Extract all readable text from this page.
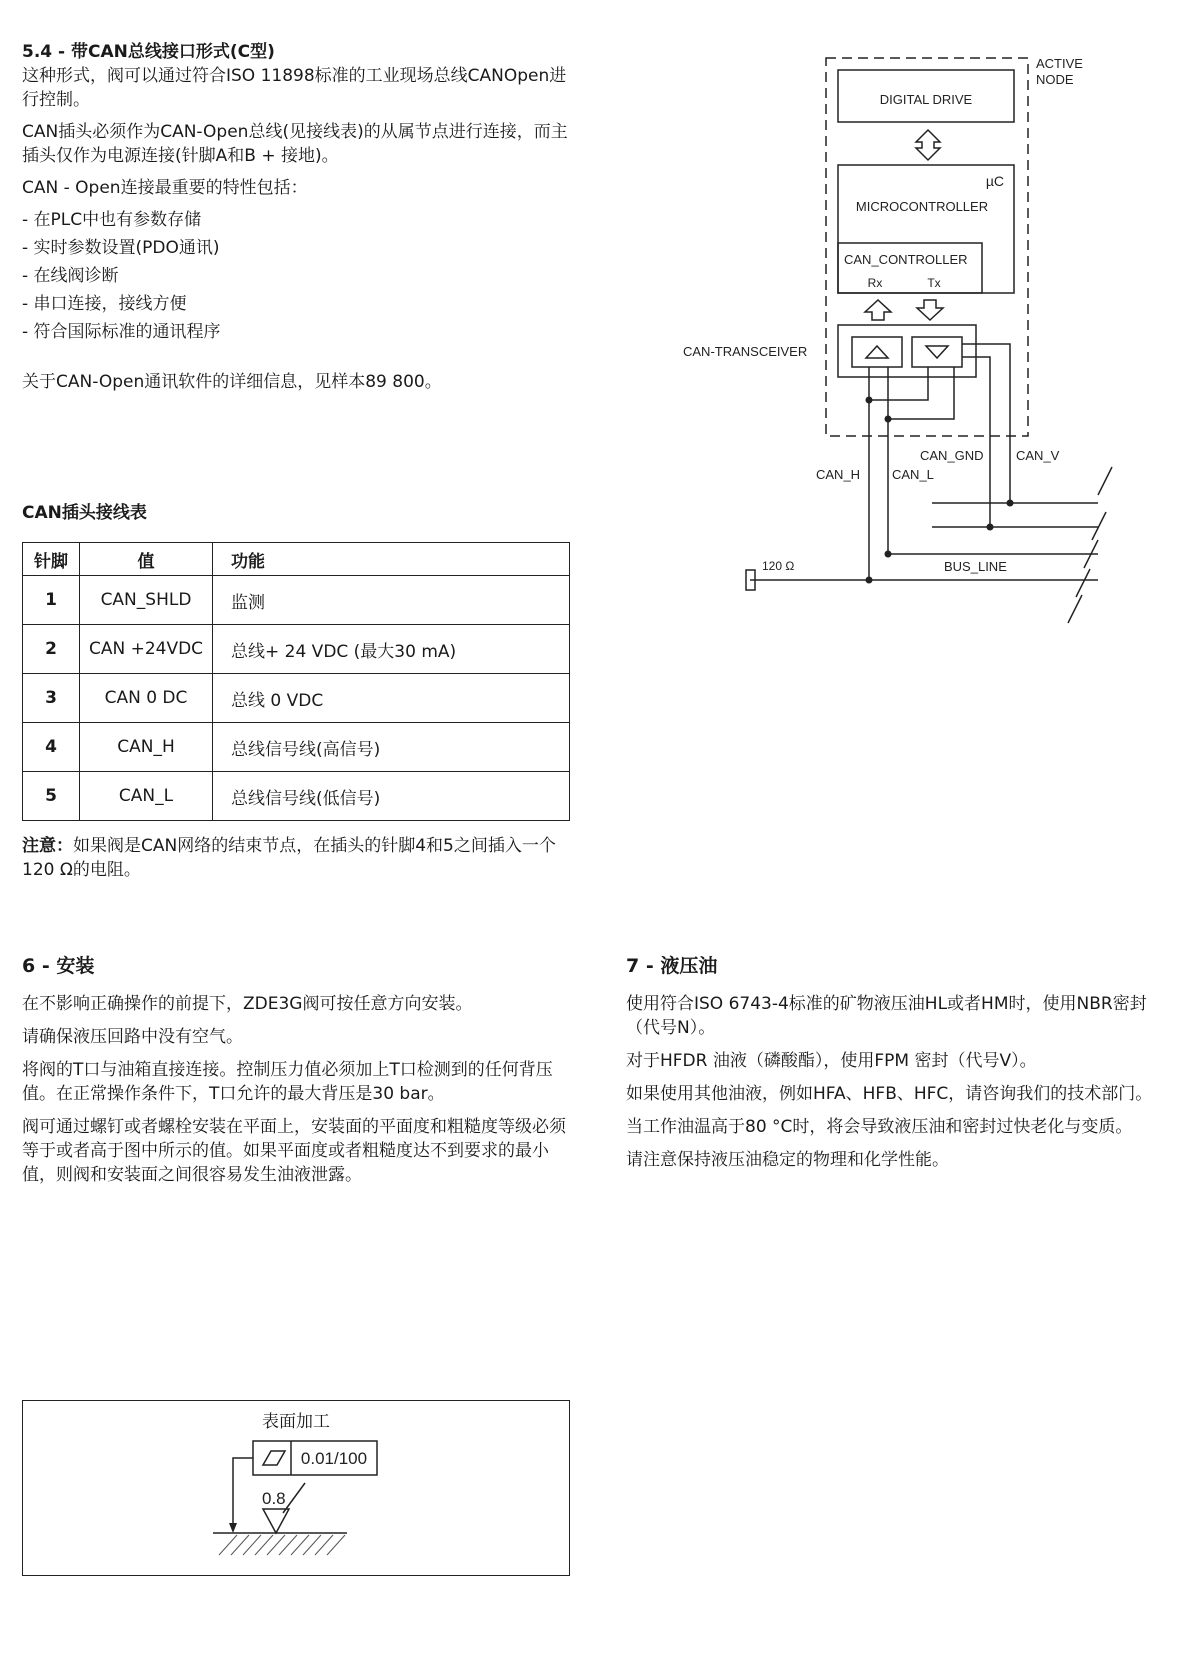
5.4 - 带CAN总线接口形式(C型)

这种形式，阀可以通过符合ISO 11898标准的工业现场总线CANOpen进行控制。

CAN插头必须作为CAN-Open总线(见接线表)的从属节点进行连接，而主插头仅作为电源连接(针脚A和B + 接地)。

CAN - Open连接最重要的特性包括：

- 在PLC中也有参数存储
- 实时参数设置(PDO通讯)
- 在线阀诊断
- 串口连接，接线方便
- 符合国际标准的通讯程序

关于CAN-Open通讯软件的详细信息，见样本89 800。

CAN插头接线表
针脚	值	功能
1	CAN_SHLD	监测
2	CAN +24VDC	总线+ 24 VDC (最大30 mA)
3	CAN 0 DC	总线 0 VDC
4	CAN_H	总线信号线(高信号)
5	CAN_L	总线信号线(低信号)
注意：如果阀是CAN网络的结束节点，在插头的针脚4和5之间插入一个120 Ω的电阻。
ACTIVE
NODE
DIGITAL DRIVE
µC
MICROCONTROLLER
CAN_CONTROLLER
Rx	Tx
CAN-TRANSCEIVER
CAN_GND CAN_V
CAN_H CAN_L
120 Ω	BUS_LINE
6 - 安装

在不影响正确操作的前提下，ZDE3G阀可按任意方向安装。

请确保液压回路中没有空气。

将阀的T口与油箱直接连接。控制压力值必须加上T口检测到的任何背压值。在正常操作条件下，T口允许的最大背压是30 bar。

阀可通过螺钉或者螺栓安装在平面上，安装面的平面度和粗糙度等级必须等于或者高于图中所示的值。如果平面度或者粗糙度达不到要求的最小值，则阀和安装面之间很容易发生油液泄露。

7 - 液压油

使用符合ISO 6743-4标准的矿物液压油HL或者HM时，使用NBR密封（代号N）。

对于HFDR 油液（磷酸酯），使用FPM 密封（代号V）。

如果使用其他油液，例如HFA、HFB、HFC，请咨询我们的技术部门。

当工作油温高于80 °C时，将会导致液压油和密封过快老化与变质。

请注意保持液压油稳定的物理和化学性能。

表面加工
0.01/100
0.8
